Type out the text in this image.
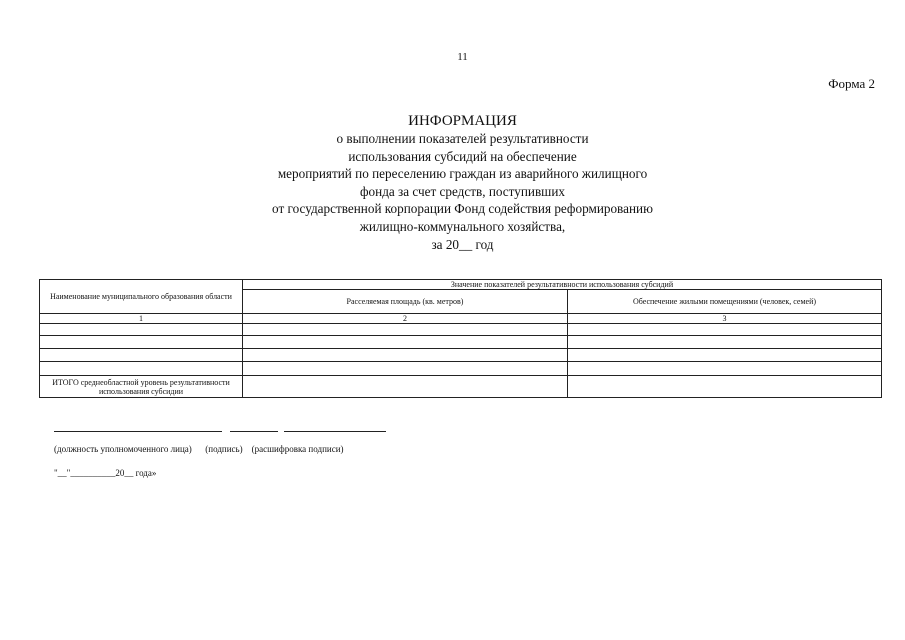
11
Форма 2
ИНФОРМАЦИЯ
о выполнении показателей результативности
использования субсидий на обеспечение
мероприятий по переселению граждан из аварийного жилищного
фонда за счет средств, поступивших
от государственной корпорации Фонд содействия реформированию
жилищно-коммунального хозяйства,
за 20__ год
Наименование муниципального образования области	Значение показателей результативности использования субсидий	
	Расселяемая площадь (кв. метров)	Обеспечение жилыми помещениями (человек, семей)
1	2	3

ИТОГО среднеобластной уровень результативности использования субсидии		
(должность уполномоченного лица)      (подпись)    (расшифровка подписи)
"__"__________20__ года»
